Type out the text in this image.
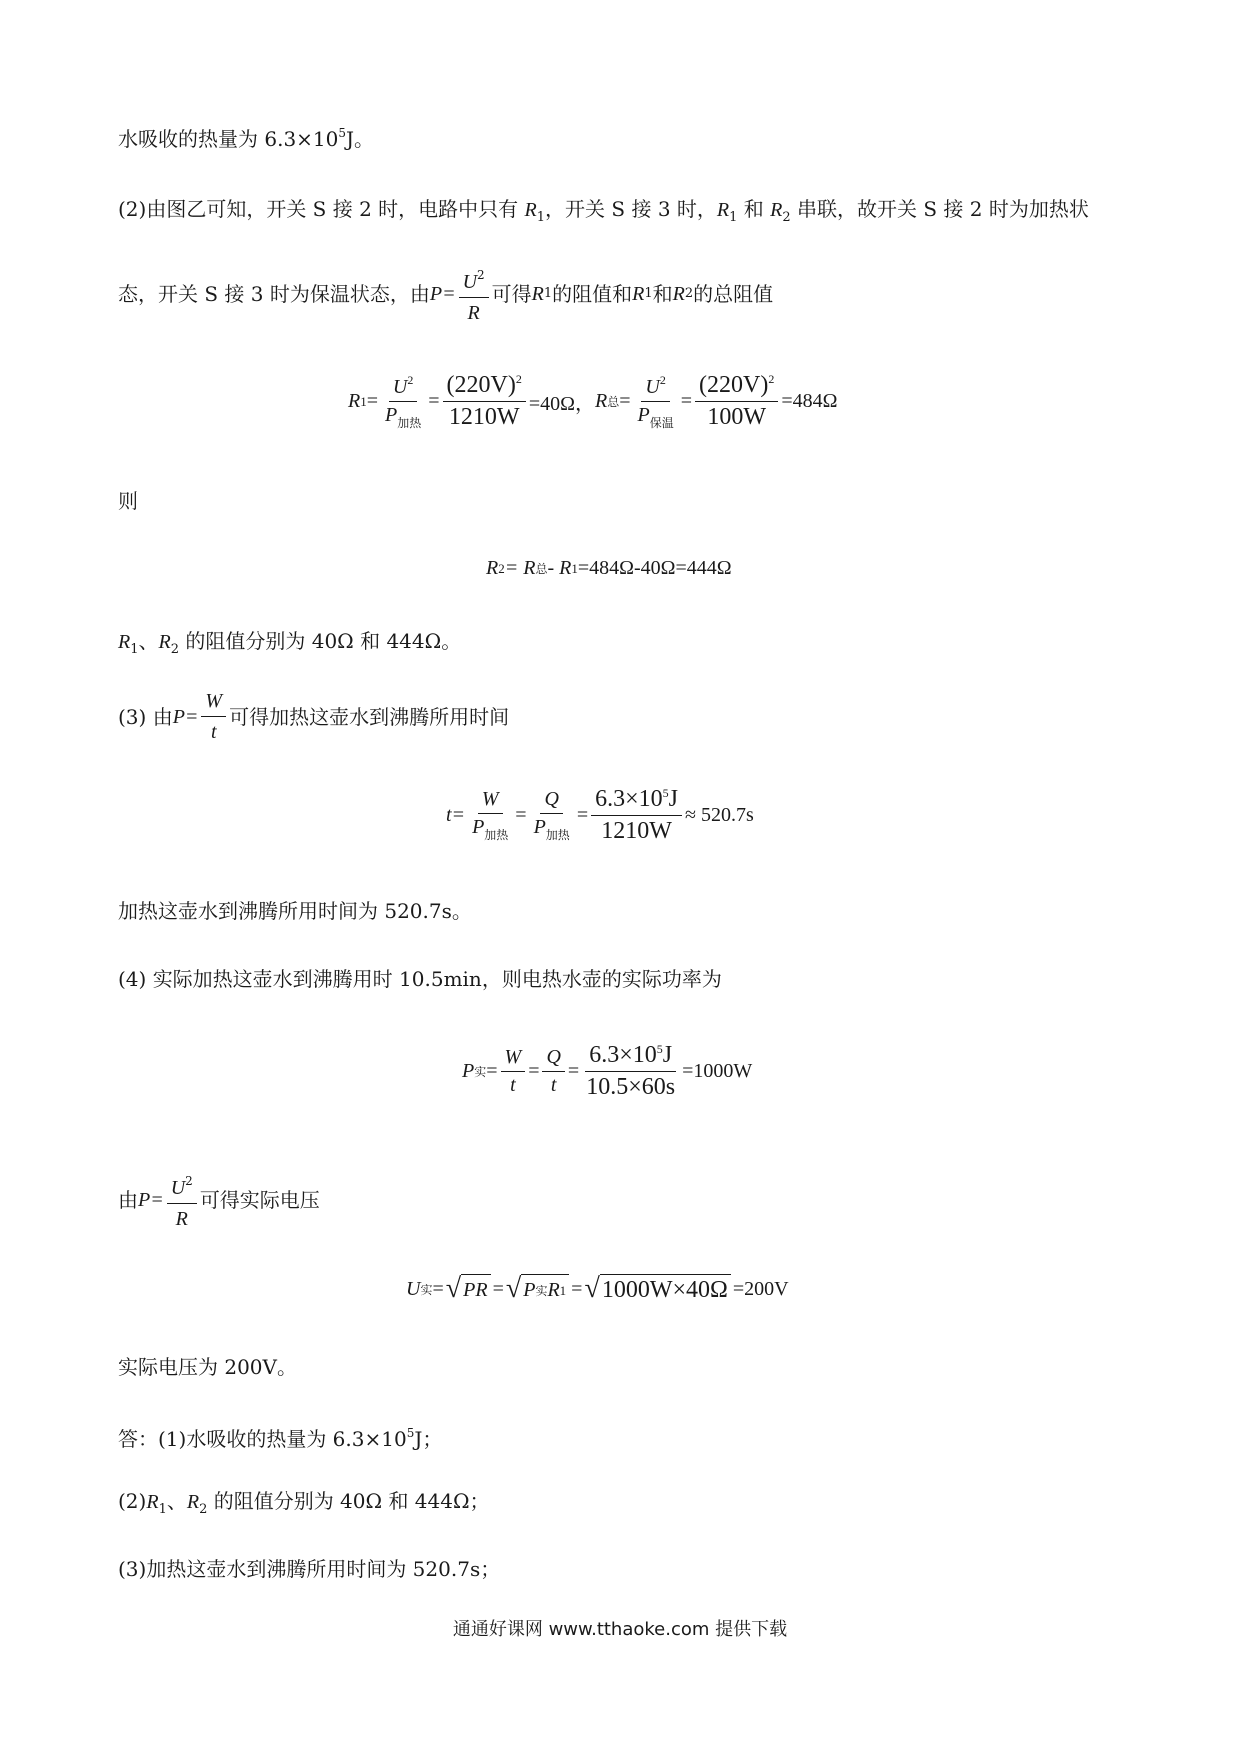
水吸收的热量为 $6.3\times 10^5J$。
(2)由图乙可知，开关 S 接 2 时，电路中只有 $R_1$，开关 S 接 3 时，$R_1$ 和 $R_2$ 串联，故开关 S 接 2 时为加热状
态，开关 S 接 3 时为保温状态，由 $P= \frac{U^2}{R}$ 可得 R 1 的阻值和 R 1 和 R 2 的总阻值
R $1 = \frac{U^2}{P_{加热}} = \frac{(220V)^2}{1210W} =40\Omega$， R 总 = $\frac{U^2}{P_{保温}} = \frac{(220V)^2}{100W} =484\Omega$
则
R 2 = R 总 - R 1 =484Ω-40Ω=444Ω
$R_1$、$R_2$ 的阻值分别为 40Ω 和 444Ω。
(3) 由 $P= \frac{W}{t}$ 可得加热这壶水到沸腾所用时间
$t= \frac{W}{P_{加热}} = \frac{Q}{P_{加热}} = \frac{6.3\times 10^5J}{1210W} \approx 520.7s$
加热这壶水到沸腾所用时间为 520.7s。
(4) 实际加热这壶水到沸腾用时 10.5min，则电热水壶的实际功率为
P 实 = $\frac{W}{t} = \frac{Q}{t} = \frac{6.3\times 10^5J}{10.5\times 60s} =1000W$
由 $P= \frac{U^2}{R}$ 可得实际电压
U 实 = √ PR = √ P 实 R 1 = √ 1000W×40Ω =200V
实际电压为 200V。
答：(1)水吸收的热量为 $6.3\times 10^5J$；
$(2)R_1$、$R_2$ 的阻值分别为 40Ω 和 444Ω；
(3)加热这壶水到沸腾所用时间为 520.7s；
通通好课网 www.tthaoke.com 提供下载
